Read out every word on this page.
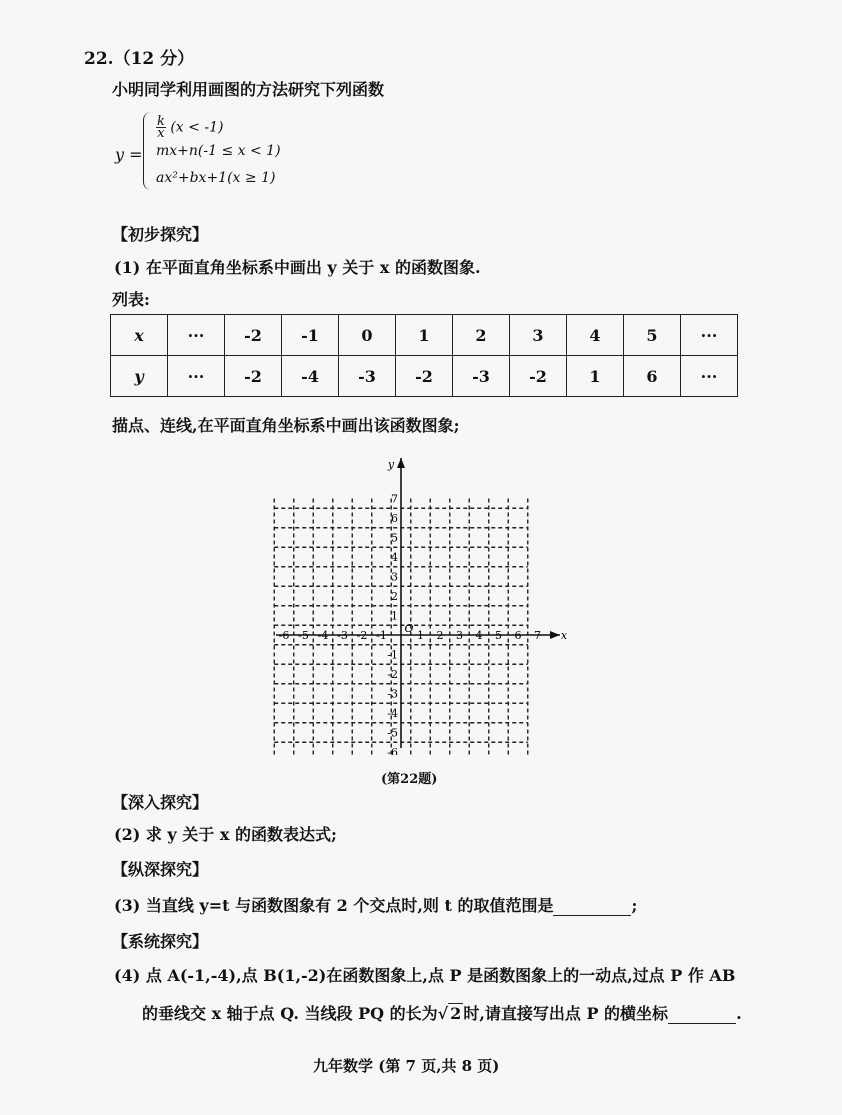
22.（12 分）
小明同学利用画图的方法研究下列函数
y =
$\frac{k}{x} (x < -1)$
mx+n(-1 ≤ x < 1)
ax²+bx+1(x ≥ 1)
【初步探究】
(1) 在平面直角坐标系中画出 y 关于 x 的函数图象.
列表:
x	···	-2	-1	0	1	2	3	4	5	···
y	···	-2	-4	-3	-2	-3	-2	1	6	···
描点、连线,在平面直角坐标系中画出该函数图象;
-6 -5 -4 -3 -2 -1	1 2 3 4 5 6 7
1
2
3
4
5
6
7
-1
-2
-3
-4
-5
-6
O
x
y
(第22题)
【深入探究】
(2) 求 y 关于 x 的函数表达式;
【纵深探究】
(3) 当直线 y=t 与函数图象有 2 个交点时,则 t 的取值范围是	;
【系统探究】
(4) 点 A(-1,-4),点 B(1,-2)在函数图象上,点 P 是函数图象上的一动点,过点 P 作 AB
的垂线交 x 轴于点 Q. 当线段 PQ 的长为√ 2 时,请直接写出点 P 的横坐标	.
九年数学 (第 7 页,共 8 页)
